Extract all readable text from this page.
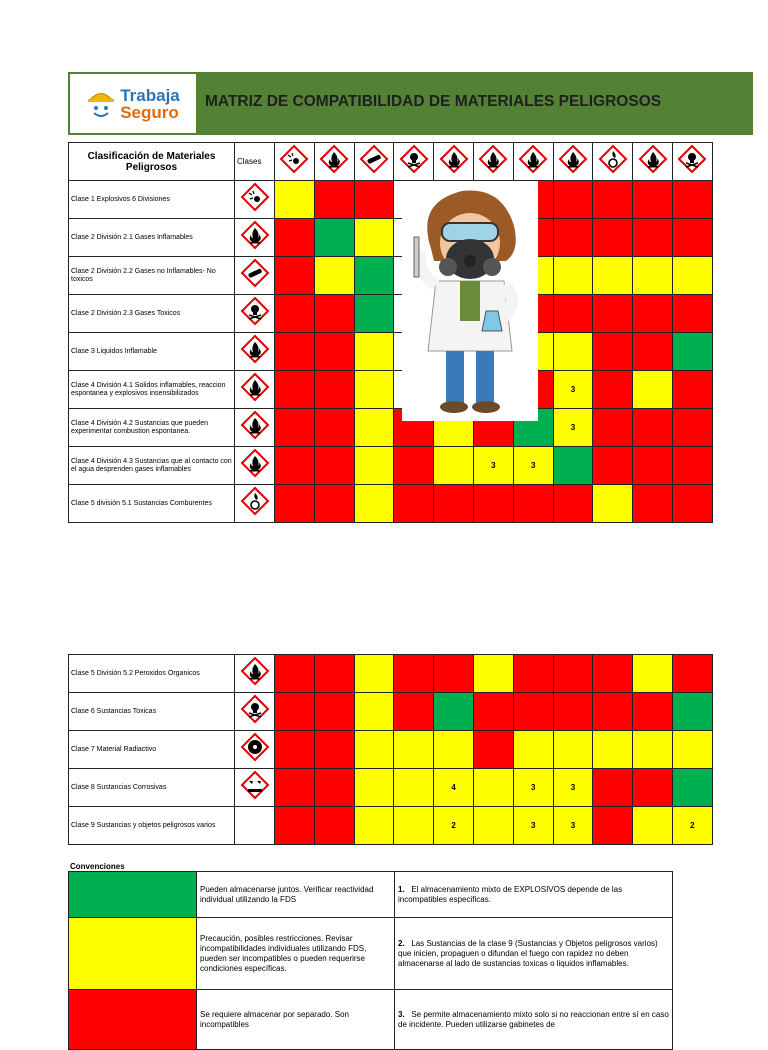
Trabaja
Seguro
MATRIZ DE COMPATIBILIDAD DE MATERIALES PELIGROSOS
Clasificación de Materiales Peligrosos	Clases											
Clase 1 Explosivos 6 Divisiones												
Clase 2 División 2.1 Gases Inflamables												
Clase 2 División 2.2 Gases no Inflamables- No toxicos												
Clase 2 División 2.3 Gases Toxicos												
Clase 3 Liquidos Inflamable												
Clase 4 División 4.1 Solidos inflamables, reaccion espontanea y explosivos insensibilizados									3			
Clase 4 División 4.2 Sustancias que pueden experimentar combustion espontanea.									3			
Clase 4 División 4.3 Sustancias que al contacto con el agua desprenden gases inflamables							3	3				
Clase 5 división 5.1 Sustancias Comburentes												
Clase 5 División 5.2 Peroxidos Organicos												
Clase 6 Sustancias Toxicas												
Clase 7 Material Radiactivo												
Clase 8 Sustancias Corrosivas						4		3	3			
Clase 9 Sustancias y objetos peligrosos varios						2		3	3			2
Convenciones
	Pueden almacenarse juntos. Verificar reactividad individual utilizando la FDS	1. El almacenamiento mixto de EXPLOSIVOS depende de las incompatibles especificas.
	Precaución, posibles restricciones. Revisar incompatibilidades individuales utilizando FDS, pueden ser incompatibles o pueden requerirse condiciones específicas.	2. Las Sustancias de la clase 9 (Sustancias y Objetos peligrosos varios) que inicien, propaguen o difundan el fuego con rapidez no deben almacenarse al lado de sustancias toxicas o liquidos inflamables.
	Se requiere almacenar por separado. Son incompatibles	3. Se permite almacenamiento mixto solo si no reaccionan entre sí en caso de incidente. Pueden utilizarse gabinetes de
